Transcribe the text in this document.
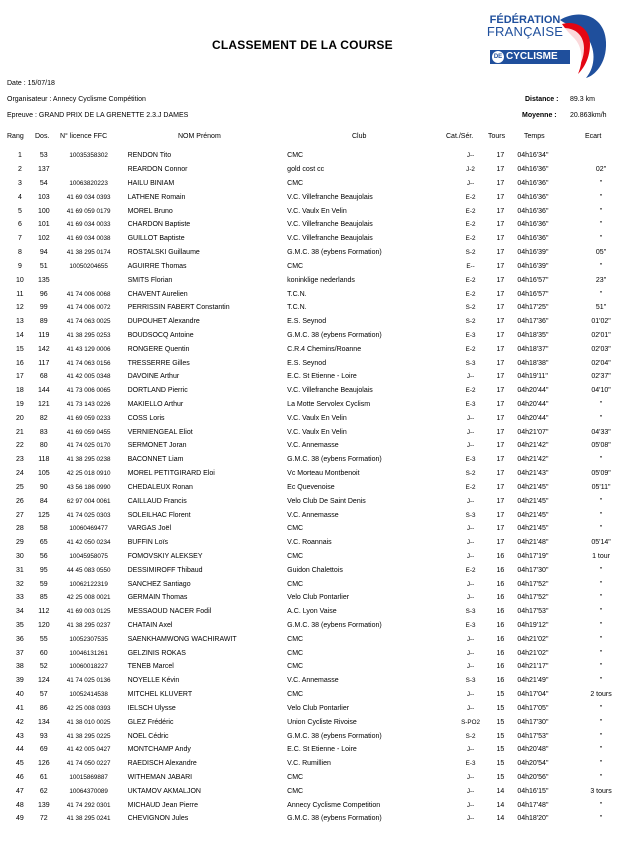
FÉDÉRATION
FRANÇAISE
DE CYCLISME
CLASSEMENT DE LA COURSE
Date : 15/07/18
Organisateur : Annecy Cyclisme Compétition
Epreuve : GRAND PRIX DE LA GRENETTE 2.3.J DAMES
Distance : 89.3 km
Moyenne : 20.863km/h
Rang Dos. N° licence FFC	NOM Prénom	Club	Cat./Sér. Tours	Temps	Ecart
1	53	10035358302	RENDON Tito	CMC	J--	17	04h16'34"	
2	137		REARDON Connor	gold cost cc	J-2	17	04h16'36"	02"
3	54	10063820223	HAILU BINIAM	CMC	J--	17	04h16'36"	"
4	103	41 69 034 0393	LATHENE Romain	V.C. Villefranche Beaujolais	E-2	17	04h16'36"	"
5	100	41 69 059 0179	MOREL Bruno	V.C. Vaulx En Velin	E-2	17	04h16'36"	"
6	101	41 69 034 0033	CHARDON Baptiste	V.C. Villefranche Beaujolais	E-2	17	04h16'36"	"
7	102	41 69 034 0038	GUILLOT Baptiste	V.C. Villefranche Beaujolais	E-2	17	04h16'36"	"
8	94	41 38 295 0174	ROSTALSKI Guillaume	G.M.C. 38 (eybens Formation)	S-2	17	04h16'39"	05"
9	51	10050204655	AGUIRRE Thomas	CMC	E--	17	04h16'39"	"
10	135		SMITS Florian	koninklige nederlands	E-2	17	04h16'57"	23"
11	96	41 74 006 0068	CHAVENT Aurelien	T.C.N.	E-2	17	04h16'57"	"
12	99	41 74 006 0072	PERRISSIN FABERT Constantin	T.C.N.	S-2	17	04h17'25"	51"
13	89	41 74 063 0025	DUPOUHET Alexandre	E.S. Seynod	S-2	17	04h17'36"	01'02"
14	119	41 38 295 0253	BOUDSOCQ Antoine	G.M.C. 38 (eybens Formation)	E-3	17	04h18'35"	02'01"
15	142	41 43 129 0006	RONGERE Quentin	C.R.4 Chemins/Roanne	E-2	17	04h18'37"	02'03"
16	117	41 74 063 0156	TRESSERRE Gilles	E.S. Seynod	S-3	17	04h18'38"	02'04"
17	68	41 42 005 0348	DAVOINE Arthur	E.C. St Etienne - Loire	J--	17	04h19'11"	02'37"
18	144	41 73 006 0065	DORTLAND Pierric	V.C. Villefranche Beaujolais	E-2	17	04h20'44"	04'10"
19	121	41 73 143 0226	MAKIELLO Arthur	La Motte Servolex Cyclism	E-3	17	04h20'44"	"
20	82	41 69 059 0233	COSS Loris	V.C. Vaulx En Velin	J--	17	04h20'44"	"
21	83	41 69 059 0455	VERNIENGEAL Eliot	V.C. Vaulx En Velin	J--	17	04h21'07"	04'33"
22	80	41 74 025 0170	SERMONET Joran	V.C. Annemasse	J--	17	04h21'42"	05'08"
23	118	41 38 295 0238	BACONNET Liam	G.M.C. 38 (eybens Formation)	E-3	17	04h21'42"	"
24	105	42 25 018 0910	MOREL PETITGIRARD Eloi	Vc Morteau Montbenoit	S-2	17	04h21'43"	05'09"
25	90	43 56 186 0990	CHEDALEUX Ronan	Ec Quevenoise	E-2	17	04h21'45"	05'11"
26	84	62 97 004 0061	CAILLAUD Francis	Velo Club De Saint Denis	J--	17	04h21'45"	"
27	125	41 74 025 0303	SOLEILHAC Florent	V.C. Annemasse	S-3	17	04h21'45"	"
28	58	10060469477	VARGAS Joël	CMC	J--	17	04h21'45"	"
29	65	41 42 050 0234	BUFFIN Loïs	V.C. Roannais	J--	17	04h21'48"	05'14"
30	56	10045958075	FOMOVSKIY ALEKSEY	CMC	J--	16	04h17'19"	1 tour
31	95	44 45 083 0550	DESSIMIROFF Thibaud	Guidon Chalettois	E-2	16	04h17'30"	"
32	59	10062122319	SANCHEZ Santiago	CMC	J--	16	04h17'52"	"
33	85	42 25 008 0021	GERMAIN Thomas	Velo Club Pontarlier	J--	16	04h17'52"	"
34	112	41 69 003 0125	MESSAOUD NACER Fodil	A.C. Lyon Vaise	S-3	16	04h17'53"	"
35	120	41 38 295 0237	CHATAIN Axel	G.M.C. 38 (eybens Formation)	E-3	16	04h19'12"	"
36	55	10052307535	SAENKHAMWONG WACHIRAWIT	CMC	J--	16	04h21'02"	"
37	60	10046131261	GELZINIS ROKAS	CMC	J--	16	04h21'02"	"
38	52	10060018227	TENEB Marcel	CMC	J--	16	04h21'17"	"
39	124	41 74 025 0136	NOYELLE Kévin	V.C. Annemasse	S-3	16	04h21'49"	"
40	57	10052414538	MITCHEL KLUVERT	CMC	J--	15	04h17'04"	2 tours
41	86	42 25 008 0393	IELSCH Ulysse	Velo Club Pontarlier	J--	15	04h17'05"	"
42	134	41 38 010 0025	GLEZ Frédéric	Union Cycliste Rivoise	S-PO2	15	04h17'30"	"
43	93	41 38 295 0225	NOEL Cédric	G.M.C. 38 (eybens Formation)	S-2	15	04h17'53"	"
44	69	41 42 005 0427	MONTCHAMP Andy	E.C. St Etienne - Loire	J--	15	04h20'48"	"
45	126	41 74 050 0227	RAEDISCH Alexandre	V.C. Rumillien	E-3	15	04h20'54"	"
46	61	10015869887	WITHEMAN JABARI	CMC	J--	15	04h20'56"	"
47	62	10064370089	UKTAMOV AKMALJON	CMC	J--	14	04h16'15"	3 tours
48	139	41 74 292 0301	MICHAUD Jean Pierre	Annecy Cyclisme Competition	J--	14	04h17'48"	"
49	72	41 38 295 0241	CHEVIGNON Jules	G.M.C. 38 (eybens Formation)	J--	14	04h18'20"	"
